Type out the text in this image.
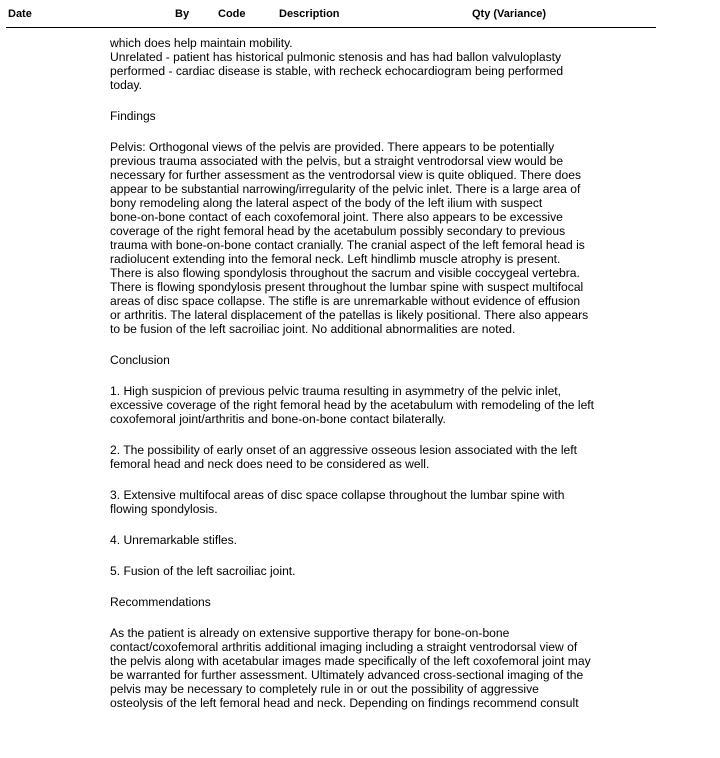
Date	By	Code	Description	Qty (Variance)

which does help maintain mobility.
Unrelated - patient has historical pulmonic stenosis and has had ballon valvuloplasty
performed - cardiac disease is stable, with recheck echocardiogram being performed
today.

Findings

Pelvis: Orthogonal views of the pelvis are provided. There appears to be potentially
previous trauma associated with the pelvis, but a straight ventrodorsal view would be
necessary for further assessment as the ventrodorsal view is quite obliqued. There does
appear to be substantial narrowing/irregularity of the pelvic inlet. There is a large area of
bony remodeling along the lateral aspect of the body of the left ilium with suspect
bone-on-bone contact of each coxofemoral joint. There also appears to be excessive
coverage of the right femoral head by the acetabulum possibly secondary to previous
trauma with bone-on-bone contact cranially. The cranial aspect of the left femoral head is
radiolucent extending into the femoral neck. Left hindlimb muscle atrophy is present.
There is also flowing spondylosis throughout the sacrum and visible coccygeal vertebra.
There is flowing spondylosis present throughout the lumbar spine with suspect multifocal
areas of disc space collapse. The stifle is are unremarkable without evidence of effusion
or arthritis. The lateral displacement of the patellas is likely positional. There also appears
to be fusion of the left sacroiliac joint. No additional abnormalities are noted.

Conclusion

1. High suspicion of previous pelvic trauma resulting in asymmetry of the pelvic inlet,
excessive coverage of the right femoral head by the acetabulum with remodeling of the left
coxofemoral joint/arthritis and bone-on-bone contact bilaterally.

2. The possibility of early onset of an aggressive osseous lesion associated with the left
femoral head and neck does need to be considered as well.

3. Extensive multifocal areas of disc space collapse throughout the lumbar spine with
flowing spondylosis.

4. Unremarkable stifles.

5. Fusion of the left sacroiliac joint.

Recommendations

As the patient is already on extensive supportive therapy for bone-on-bone
contact/coxofemoral arthritis additional imaging including a straight ventrodorsal view of
the pelvis along with acetabular images made specifically of the left coxofemoral joint may
be warranted for further assessment. Ultimately advanced cross-sectional imaging of the
pelvis may be necessary to completely rule in or out the possibility of aggressive
osteolysis of the left femoral head and neck. Depending on findings recommend consult
